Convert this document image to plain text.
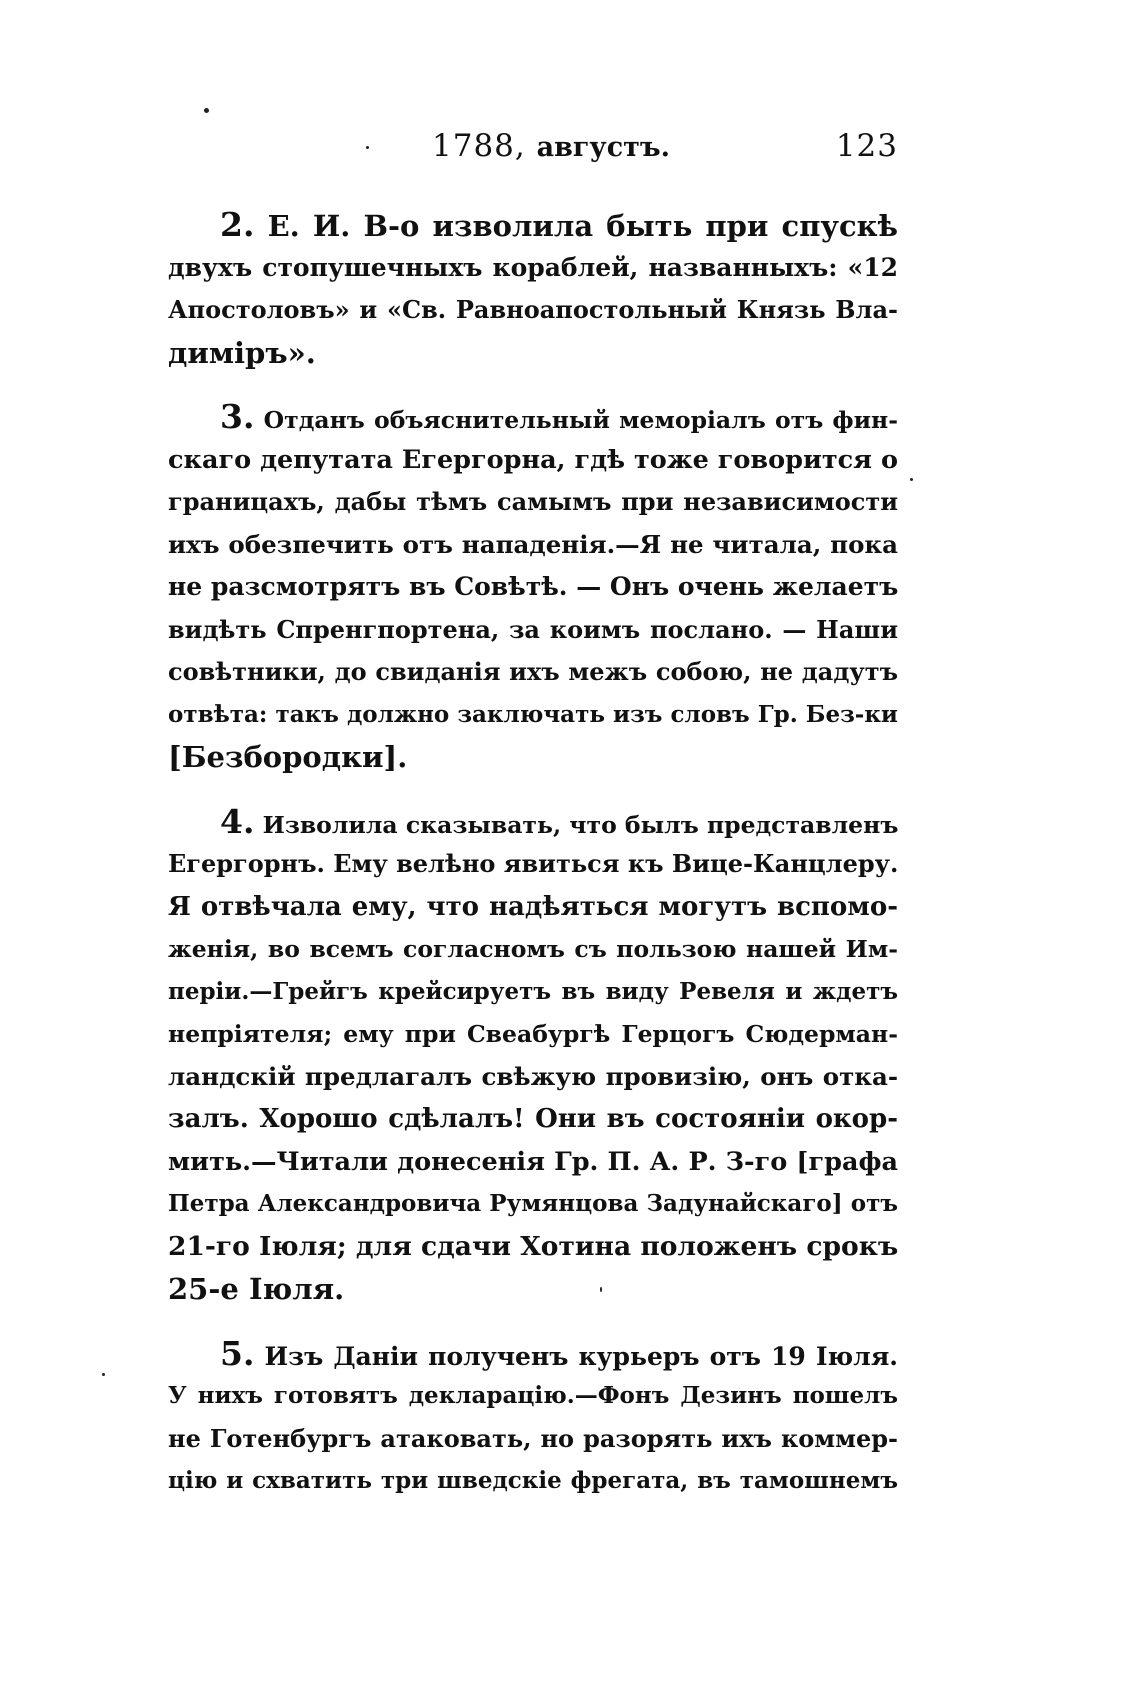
1788, августъ.	123
2. Е. И. В-о изволила быть при спускѣ
двухъ стопушечныхъ кораблей, названныхъ: «12
Апостоловъ» и «Св. Равноапостольный Князь Вла-
диміръ».
3. Отданъ объяснительный меморіалъ отъ фин-
скаго депутата Егергорна, гдѣ тоже говорится о
границахъ, дабы тѣмъ самымъ при независимости
ихъ обезпечить отъ нападенія.—Я не читала, пока
не разсмотрятъ въ Совѣтѣ. — Онъ очень желаетъ
видѣть Спренгпортена, за коимъ послано. — Наши
совѣтники, до свиданія ихъ межъ собою, не дадутъ
отвѣта: такъ должно заключать изъ словъ Гр. Без-ки
[Безбородки].
4. Изволила сказывать, что былъ представленъ
Егергорнъ. Ему велѣно явиться къ Вице-Канцлеру.
Я отвѣчала ему, что надѣяться могутъ вспомо-
женія, во всемъ согласномъ съ пользою нашей Им-
періи.—Грейгъ крейсируетъ въ виду Ревеля и ждетъ
непріятеля; ему при Свеабургѣ Герцогъ Сюдерман-
ландскій предлагалъ свѣжую провизію, онъ отка-
залъ. Хорошо сдѣлалъ! Они въ состояніи окор-
мить.—Читали донесенія Гр. П. А. Р. З-го [графа
Петра Александровича Румянцова Задунайскаго] отъ
21-го Іюля; для сдачи Хотина положенъ срокъ
25-е Іюля.
5. Изъ Даніи полученъ курьеръ отъ 19 Іюля.
У нихъ готовятъ декларацію.—Фонъ Дезинъ пошелъ
не Готенбургъ атаковать, но разорять ихъ коммер-
цію и схватить три шведскіе фрегата, въ тамошнемъ
